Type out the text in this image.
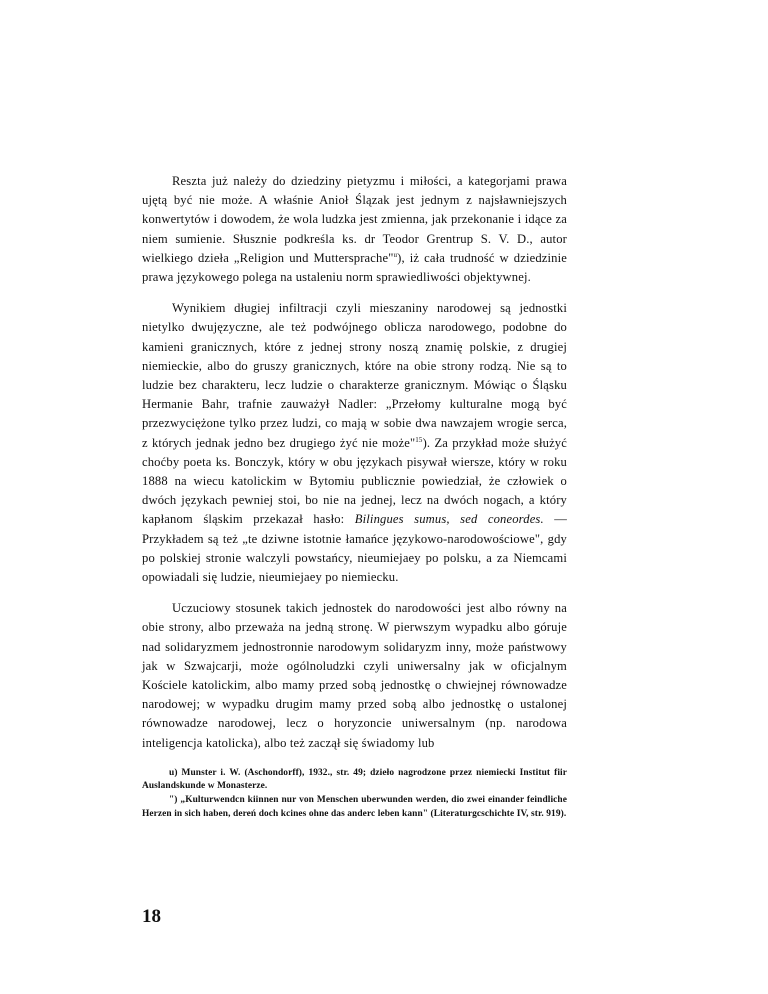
Reszta już należy do dziedziny pietyzmu i miłości, a kategorjami prawa ujętą być nie może. A właśnie Anioł Ślązak jest jednym z najsławniejszych konwertytów i dowodem, że wola ludzka jest zmienna, jak przekonanie i idące za niem sumienie. Słusznie podkreśla ks. dr Teodor Grentrup S. V. D., autor wielkiego dzieła „Religion und Muttersprache"$^u$), iż cała trudność w dziedzinie prawa językowego polega na ustaleniu norm sprawiedliwości objektywnej.

Wynikiem długiej infiltracji czyli mieszaniny narodowej są jednostki nietylko dwujęzyczne, ale też podwójnego oblicza narodowego, podobne do kamieni granicznych, które z jednej strony noszą znamię polskie, z drugiej niemieckie, albo do gruszy granicznych, które na obie strony rodzą. Nie są to ludzie bez charakteru, lecz ludzie o charakterze granicznym. Mówiąc o Śląsku Hermanie Bahr, trafnie zauważył Nadler: „Przełomy kulturalne mogą być przezwyciężone tylko przez ludzi, co mają w sobie dwa nawzajem wrogie serca, z których jednak jedno bez drugiego żyć nie może"$^{15}$). Za przykład może służyć choćby poeta ks. Bonczyk, który w obu językach pisywał wiersze, który w roku 1888 na wiecu katolickim w Bytomiu publicznie powiedział, że człowiek o dwóch językach pewniej stoi, bo nie na jednej, lecz na dwóch nogach, a który kapłanom śląskim przekazał hasło: Bilingues sumus, sed coneordes. — Przykładem są też „te dziwne istotnie łamańce językowo-narodowościowe", gdy po polskiej stronie walczyli powstańcy, nieumiejaey po polsku, a za Niemcami opowiadali się ludzie, nieumiejaey po niemiecku.

Uczuciowy stosunek takich jednostek do narodowości jest albo równy na obie strony, albo przeważa na jedną stronę. W pierwszym wypadku albo góruje nad solidaryzmem jednostronnie narodowym solidaryzm inny, może państwowy jak w Szwajcarji, może ogólnoludzki czyli uniwersalny jak w oficjalnym Kościele katolickim, albo mamy przed sobą jednostkę o chwiejnej równowadze narodowej; w wypadku drugim mamy przed sobą albo jednostkę o ustalonej równowadze narodowej, lecz o horyzoncie uniwersalnym (np. narodowa inteligencja katolicka), albo też zaczął się świadomy lub

u) Munster i. W. (Aschondorff), 1932., str. 49; dzieło nagrodzone przez niemiecki Institut fiir Auslandskunde w Monasterze.

") „Kulturwendcn kiinnen nur von Menschen uberwunden werden, dio zwei einander feindliche Herzen in sich haben, dereń doch kcines ohne das anderc leben kann" (Literaturgcschichte IV, str. 919).

18
